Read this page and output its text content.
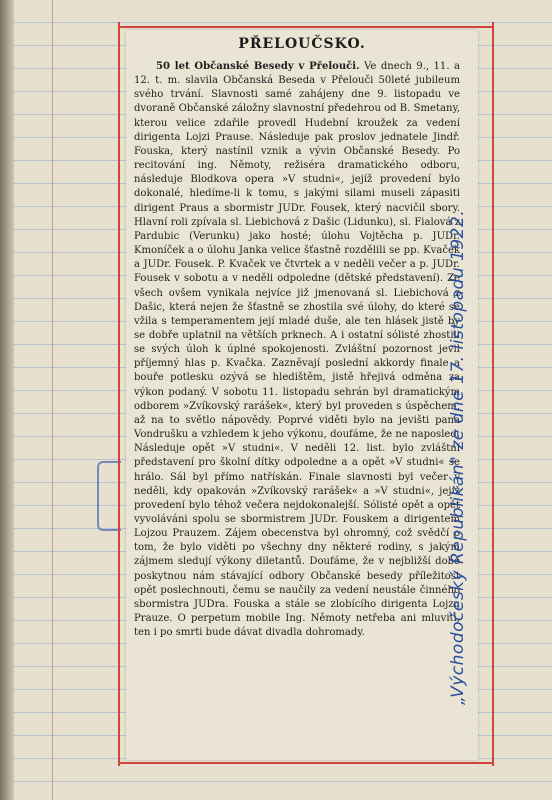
PŘELOUČSKO.
50 let Občanské Besedy v Přelouči. Ve dnech 9., 11. a 12. t. m. slavila Občanská Beseda v Přelouči 50leté jubileum svého trvání. Slavnosti samé zahájeny dne 9. listopadu ve dvoraně Občanské záložny slavnostní předehrou od B. Smetany, kterou velice zdařile provedl Hudební kroužek za vedení dirigenta Lojzi Prause. Následuje pak proslov jednatele Jindř. Fouska, který nastínil vznik a vývin Občanské Besedy. Po recitování ing. Němoty, režiséra dramatického odboru, následuje Blodkova opera »V studni«, jejíž provedení bylo dokonalé, hledíme-li k tomu, s jakými silami museli zápasiti dirigent Praus a sbormistr JUDr. Fousek, který nacvičil sbory. Hlavní roli zpívala sl. Liebichová z Dašic (Lidunku), sl. Fialová z Pardubic (Verunku) jako hosté; úlohu Vojtěcha p. JUDr. Kmoníček a o úlohu Janka velice šťastně rozdělili se pp. Kvaček a JUDr. Fousek. P. Kvaček ve čtvrtek a v neděli večer a p. JUDr. Fousek v sobotu a v neděli odpoledne (dětské představení). Ze všech ovšem vynikala nejvíce již jmenovaná sl. Liebichová z Dašic, která nejen že šťastně se zhostila své úlohy, do které se vžila s temperamentem její mladé duše, ale ten hlásek jistě by se dobře uplatnil na větších prknech. A i ostatní sólisté zhostili se svých úloh k úplné spokojenosti. Zvláštní pozornost jevil příjemný hlas p. Kvačka. Zazněvají poslední akkordy finale a bouře potlesku ozývá se hledištěm, jistě hřejivá odměna za výkon podaný. V sobotu 11. listopadu sehrán byl dramatickým odborem »Zvíkovský rarášek«, který byl proveden s úspěchem, až na to světlo nápovědy. Poprvé viděti bylo na jevišti pana Vondrušku a vzhledem k jeho výkonu, doufáme, že ne naposled. Následuje opět »V studni«. V neděli 12. list. bylo zvláštní představení pro školní dítky odpoledne a a opět »V studni« se hrálo. Sál byl přímo natřískán. Finale slavnosti byl večer v neděli, kdy opakován »Zvíkovský rarášek« a »V studni«, jejíž provedení bylo téhož večera nejdokonalejší. Sólisté opět a opět vyvoláváni spolu se sbormistrem JUDr. Fouskem a dirigentem Lojzou Prauzem. Zájem obecenstva byl ohromný, což svědčí o tom, že bylo viděti po všechny dny některé rodiny, s jakým zájmem sledují výkony diletantů. Doufáme, že v nejbližší době poskytnou nám stávající odbory Občanské besedy příležitost opět poslechnouti, čemu se naučily za vedení neustále činného sbormistra JUDra. Fouska a stále se zlobícího dirigenta Lojzu Prauze. O perpetum mobile Ing. Němoty netřeba ani mluviti, ten i po smrti bude dávat divadla dohromady.	„Východočeský Republikán" ze dne 17. listopadu 1922.
